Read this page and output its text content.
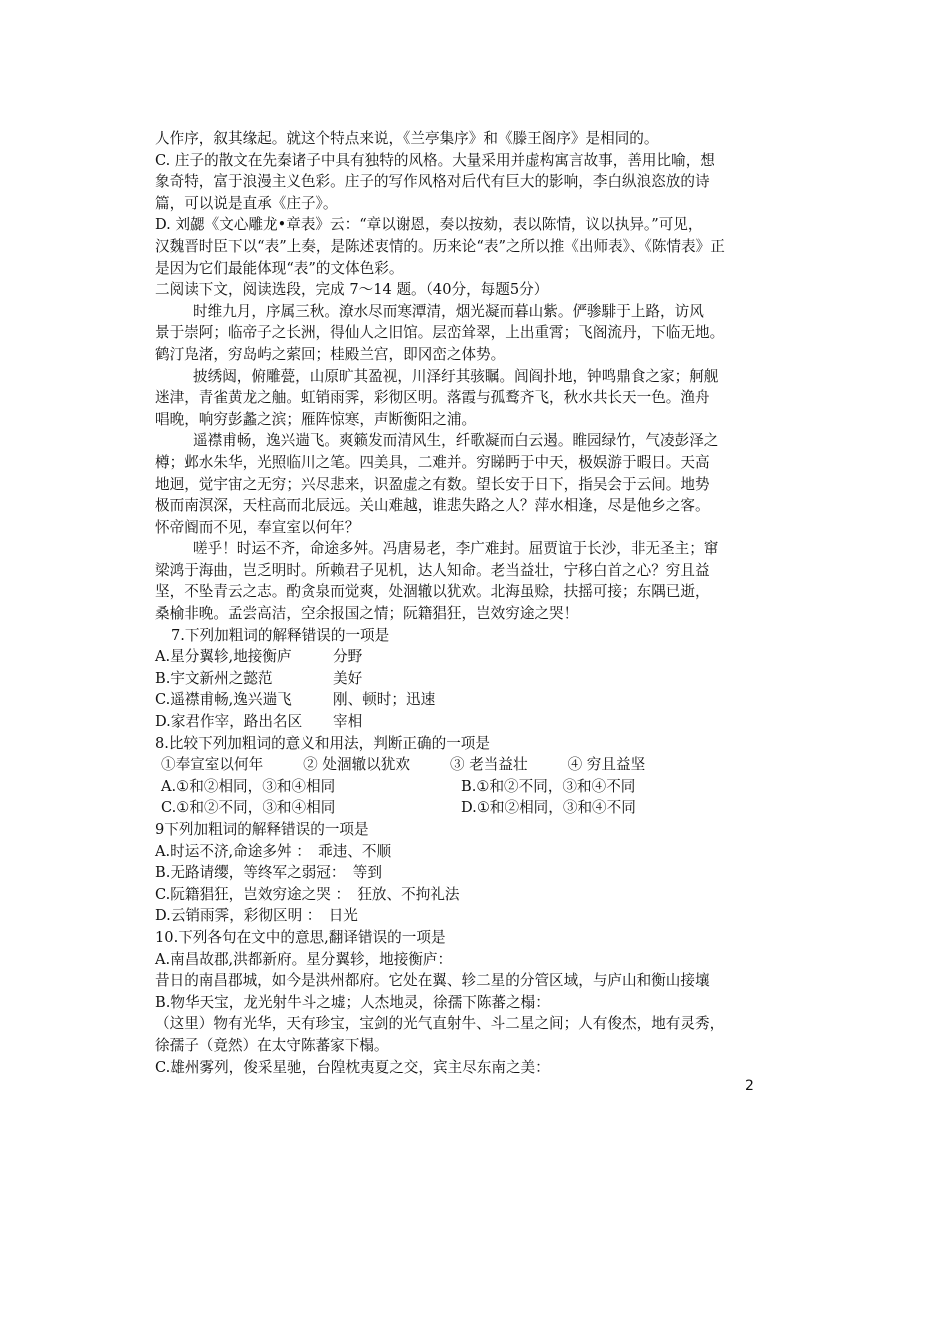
人作序，叙其缘起。就这个特点来说，《兰亭集序》和《滕王阁序》是相同的。
C. 庄子的散文在先秦诸子中具有独特的风格。大量采用并虚构寓言故事，善用比喻，想
象奇特，富于浪漫主义色彩。庄子的写作风格对后代有巨大的影响，李白纵浪恣放的诗
篇，可以说是直承《庄子》。
D. 刘勰《文心雕龙•章表》云：“章以谢恩，奏以按劾，表以陈情，议以执异。”可见，
汉魏晋时臣下以“表”上奏，是陈述衷情的。历来论“表”之所以推《出师表》、《陈情表》正
是因为它们最能体现“表”的文体色彩。
二阅读下文，阅读选段，完成 7～14 题。（40分，每题5分）
时维九月，序属三秋。潦水尽而寒潭清，烟光凝而暮山紫。俨骖騑于上路，访风
景于崇阿；临帝子之长洲，得仙人之旧馆。层峦耸翠，上出重霄；飞阁流丹，下临无地。
鹤汀凫渚，穷岛屿之萦回；桂殿兰宫，即冈峦之体势。
披绣闼，俯雕甍，山原旷其盈视，川泽纡其骇瞩。闾阎扑地，钟鸣鼎食之家；舸舰
迷津，青雀黄龙之舳。虹销雨霁，彩彻区明。落霞与孤鹜齐飞，秋水共长天一色。渔舟
唱晚，响穷彭蠡之滨；雁阵惊寒，声断衡阳之浦。
遥襟甫畅，逸兴遄飞。爽籁发而清风生，纤歌凝而白云遏。睢园绿竹，气凌彭泽之
樽；邺水朱华，光照临川之笔。四美具，二难并。穷睇眄于中天，极娱游于暇日。天高
地迥，觉宇宙之无穷；兴尽悲来，识盈虚之有数。望长安于日下，指吴会于云间。地势
极而南溟深，天柱高而北辰远。关山难越，谁悲失路之人？萍水相逢，尽是他乡之客。
怀帝阍而不见，奉宣室以何年？
嗟乎！时运不齐，命途多舛。冯唐易老，李广难封。屈贾谊于长沙，非无圣主；窜
梁鸿于海曲，岂乏明时。所赖君子见机，达人知命。老当益壮，宁移白首之心？穷且益
坚，不坠青云之志。酌贪泉而觉爽，处涸辙以犹欢。北海虽赊，扶摇可接；东隅已逝，
桑榆非晚。孟尝高洁，空余报国之情；阮籍猖狂，岂效穷途之哭！
7.下列加粗词的解释错误的一项是
A.星分翼轸,地接衡庐	分野
B.宇文新州之懿范	美好
C.遥襟甫畅,逸兴遄飞	刚、顿时；迅速
D.家君作宰，路出名区	宰相
8.比较下列加粗词的意义和用法，判断正确的一项是
①奉宣室以何年	② 处涸辙以犹欢	③ 老当益壮	④ 穷且益坚
A.①和②相同，③和④相同	B.①和②不同，③和④不同
C.①和②不同，③和④相同	D.①和②相同，③和④不同
9下列加粗词的解释错误的一项是
A.时运不济,命途多舛 ：　乖违、不顺
B.无路请缨，等终军之弱冠：　等到
C.阮籍猖狂，岂效穷途之哭 ：　狂放、不拘礼法
D.云销雨霁，彩彻区明 ：　日光
10.下列各句在文中的意思,翻译错误的一项是
A.南昌故郡,洪都新府。星分翼轸，地接衡庐：
昔日的南昌郡城，如今是洪州都府。它处在翼、轸二星的分管区域，与庐山和衡山接壤
B.物华天宝，龙光射牛斗之墟；人杰地灵，徐孺下陈蕃之榻：
（这里）物有光华，天有珍宝，宝剑的光气直射牛、斗二星之间；人有俊杰，地有灵秀，
徐孺子（竟然）在太守陈蕃家下榻。
C.雄州雾列，俊采星驰，台隍枕夷夏之交，宾主尽东南之美：
2
